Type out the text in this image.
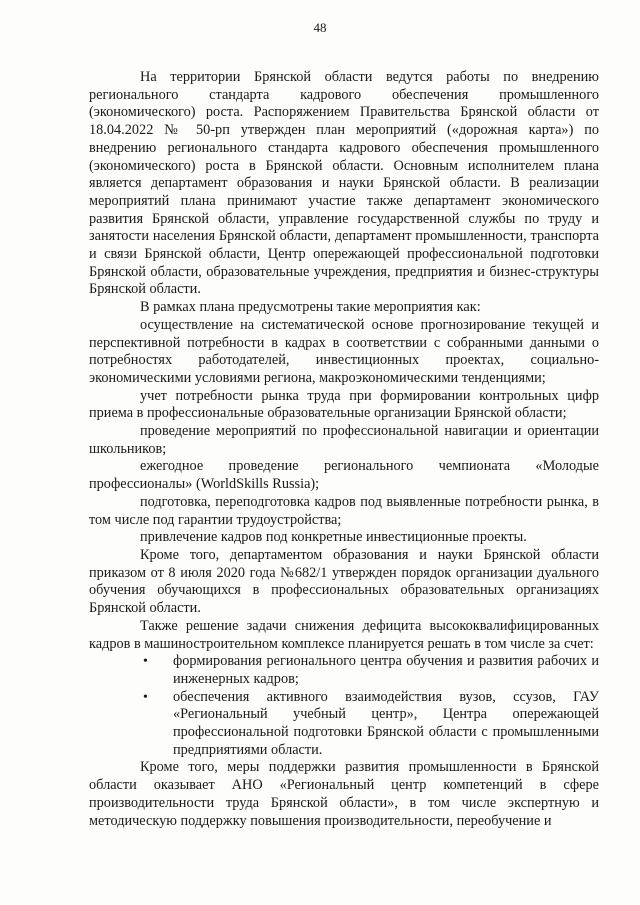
48

На территории Брянской области ведутся работы по внедрению регионального стандарта кадрового обеспечения промышленного (экономического) роста. Распоряжением Правительства Брянской области от 18.04.2022 № 50-рп утвержден план мероприятий («дорожная карта») по внедрению регионального стандарта кадрового обеспечения промышленного (экономического) роста в Брянской области. Основным исполнителем плана является департамент образования и науки Брянской области. В реализации мероприятий плана принимают участие также департамент экономического развития Брянской области, управление государственной службы по труду и занятости населения Брянской области, департамент промышленности, транспорта и связи Брянской области, Центр опережающей профессиональной подготовки Брянской области, образовательные учреждения, предприятия и бизнес-структуры Брянской области.

В рамках плана предусмотрены такие мероприятия как:

осуществление на систематической основе прогнозирование текущей и перспективной потребности в кадрах в соответствии с собранными данными о потребностях работодателей, инвестиционных проектах, социально-экономическими условиями региона, макроэкономическими тенденциями;

учет потребности рынка труда при формировании контрольных цифр приема в профессиональные образовательные организации Брянской области;

проведение мероприятий по профессиональной навигации и ориентации школьников;

ежегодное проведение регионального чемпионата «Молодые профессионалы» (WorldSkills Russia);

подготовка, переподготовка кадров под выявленные потребности рынка, в том числе под гарантии трудоустройства;

привлечение кадров под конкретные инвестиционные проекты.

Кроме того, департаментом образования и науки Брянской области приказом от 8 июля 2020 года №682/1 утвержден порядок организации дуального обучения обучающихся в профессиональных образовательных организациях Брянской области.

Также решение задачи снижения дефицита высококвалифицированных кадров в машиностроительном комплексе планируется решать в том числе за счет:

• формирования регионального центра обучения и развития рабочих и инженерных кадров;
• обеспечения активного взаимодействия вузов, ссузов, ГАУ «Региональный учебный центр», Центра опережающей профессиональной подготовки Брянской области с промышленными предприятиями области.

Кроме того, меры поддержки развития промышленности в Брянской области оказывает АНО «Региональный центр компетенций в сфере производительности труда Брянской области», в том числе экспертную и методическую поддержку повышения производительности, переобучение и
